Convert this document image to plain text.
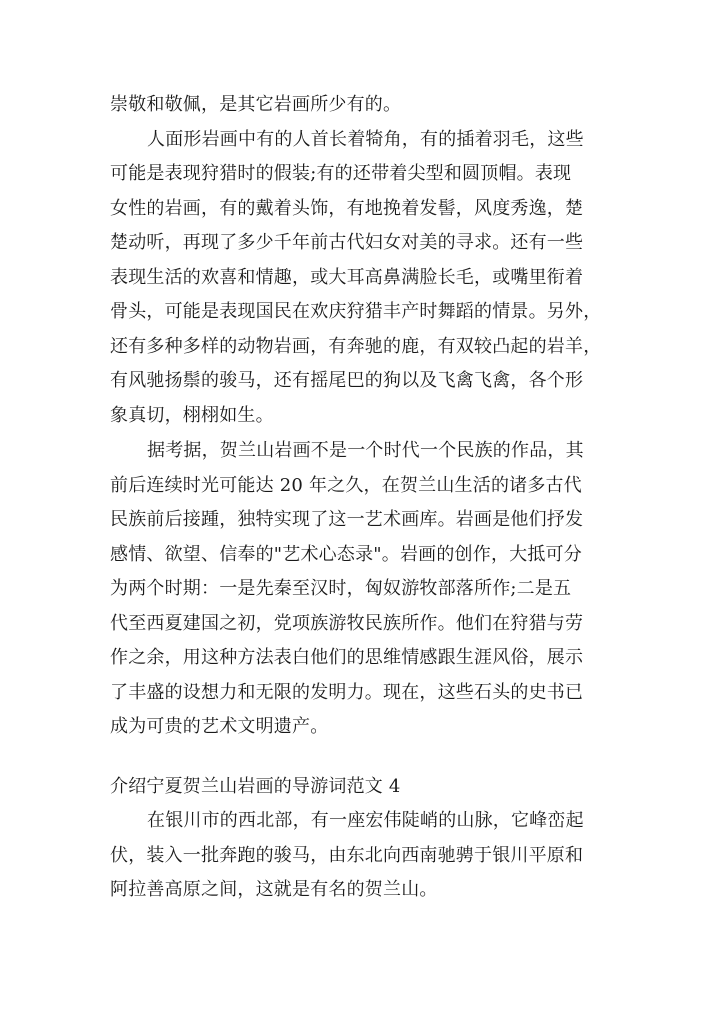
崇敬和敬佩，是其它岩画所少有的。
人面形岩画中有的人首长着犄角，有的插着羽毛，这些
可能是表现狩猎时的假装;有的还带着尖型和圆顶帽。表现
女性的岩画，有的戴着头饰，有地挽着发髻，风度秀逸，楚
楚动听，再现了多少千年前古代妇女对美的寻求。还有一些
表现生活的欢喜和情趣，或大耳高鼻满脸长毛，或嘴里衔着
骨头，可能是表现国民在欢庆狩猎丰产时舞蹈的情景。另外，
还有多种多样的动物岩画，有奔驰的鹿，有双较凸起的岩羊，
有风驰扬鬃的骏马，还有摇尾巴的狗以及飞禽飞禽，各个形
象真切，栩栩如生。
据考据，贺兰山岩画不是一个时代一个民族的作品，其
前后连续时光可能达 20 年之久，在贺兰山生活的诸多古代
民族前后接踵，独特实现了这一艺术画库。岩画是他们抒发
感情、欲望、信奉的"艺术心态录"。岩画的创作，大抵可分
为两个时期：一是先秦至汉时，匈奴游牧部落所作;二是五
代至西夏建国之初，党项族游牧民族所作。他们在狩猎与劳
作之余，用这种方法表白他们的思维情感跟生涯风俗，展示
了丰盛的设想力和无限的发明力。现在，这些石头的史书已
成为可贵的艺术文明遗产。
介绍宁夏贺兰山岩画的导游词范文 4
在银川市的西北部，有一座宏伟陡峭的山脉，它峰峦起
伏，装入一批奔跑的骏马，由东北向西南驰骋于银川平原和
阿拉善高原之间，这就是有名的贺兰山。
